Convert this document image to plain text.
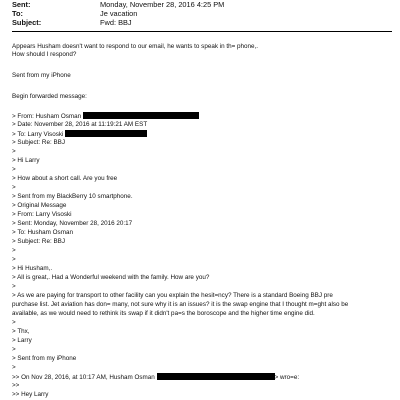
Sent:	Monday, November 28, 2016 4:25 PM
To:	Je vacation
Subject:	Fwd: BBJ
Appears Husham doesn't want to respond to our email, he wants to speak in th= phone,.
How should I respond?
Sent from my iPhone
Begin forwarded message:
> From: Husham Osman
> Date: November 28, 2016 at 11:19:21 AM EST
> To: Larry Visoski
> Subject: Re: BBJ
>
> Hi Larry
>
> How about a short call. Are you free
>
> Sent from my BlackBerry 10 smartphone.
> Original Message
> From: Larry Visoski
> Sent: Monday, November 28, 2016 20:17
> To: Husham Osman
> Subject: Re: BBJ
>
>
> Hi Husham,.
> All is great,. Had a Wonderful weekend with the family. How are you?
>
> As we are paying for transport to other facility can you explain the hesit=ncy? There is a standard Boeing BBJ pre
purchase list. Jet aviation has don= many, not sure why it is an issues? it is the swap engine that I thought m=ght also be
available, as we would need to rethink its swap if it didn't pa=s the boroscope and the higher time engine did.
>
> Thx,
> Larry
>
> Sent from my iPhone
>
>> On Nov 28, 2016, at 10:17 AM, Husham Osman	> wro=e:
>>
>> Hey Larry
